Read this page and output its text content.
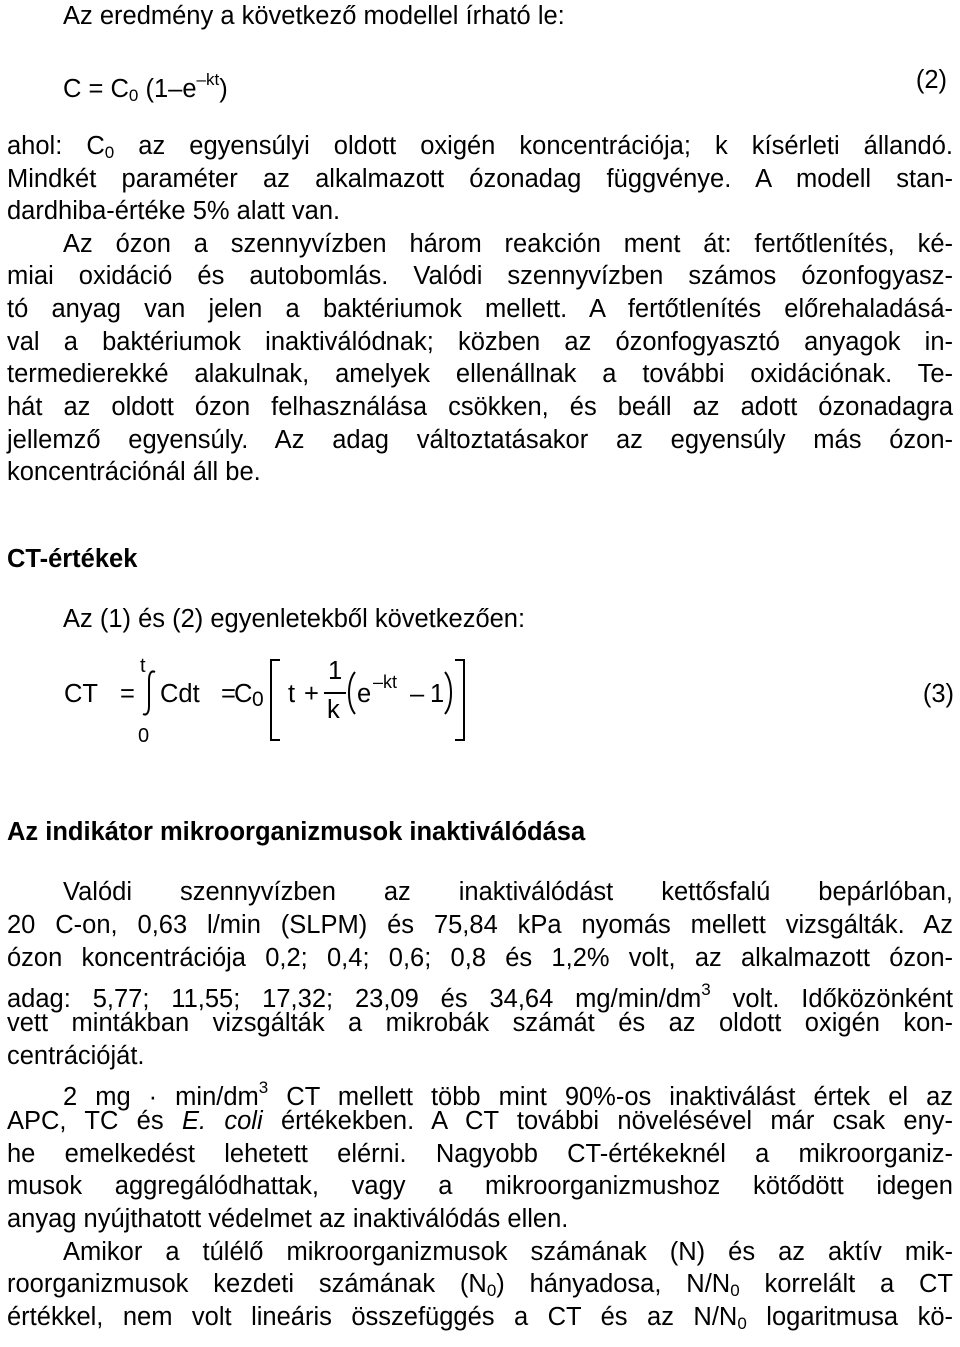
Az eredmény a következő modellel írható le:
$C = C_0$ $(1-e^{-kt})$	(2)
ahol: $C_0$ az egyensúlyi oldott oxigén koncentrációja; k kísérleti állandó.
Mindkét paraméter az alkalmazott ózonadag függvénye. A modell stan-
dardhiba-értéke 5% alatt van.
Az ózon a szennyvízben három reakción ment át: fertőtlenítés, ké-
miai oxidáció és autobomlás. Valódi szennyvízben számos ózonfogyasz-
tó anyag van jelen a baktériumok mellett. A fertőtlenítés előrehaladásá-
val a baktériumok inaktiválódnak; közben az ózonfogyasztó anyagok in-
termedierekké alakulnak, amelyek ellenállnak a további oxidációnak. Te-
hát az oldott ózon felhasználása csökken, és beáll az adott ózonadagra
jellemző egyensúly. Az adag változtatásakor az egyensúly más ózon-
koncentrációnál áll be.
CT-értékek
Az (1) és (2) egyenletekből következően:
CT =
t
0
Cdt =
C 0 t +
1
k
e –kt – 1	(3)
Az indikátor mikroorganizmusok inaktiválódása
Valódi szennyvízben az inaktiválódást kettősfalú bepárlóban,
20 C-on, 0,63 l/min (SLPM) és 75,84 kPa nyomás mellett vizsgálták. Az
ózon koncentrációja 0,2; 0,4; 0,6; 0,8 és 1,2% volt, az alkalmazott ózon-
adag: 5,77; 11,55; 17,32; 23,09 és 34,64 $mg/\min/dm^3$ volt. Időközönként
vett mintákban vizsgálták a mikrobák számát és az oldott oxigén kon-
centrációját.
2 mg · $\min/dm^3$ CT mellett több mint 90%-os inaktiválást értek el az
APC, TC és E. coli értékekben. A CT további növelésével már csak eny-
he emelkedést lehetett elérni. Nagyobb CT-értékeknél a mikroorganiz-
musok aggregálódhattak, vagy a mikroorganizmushoz kötődött idegen
anyag nyújthatott védelmet az inaktiválódás ellen.
Amikor a túlélő mikroorganizmusok számának (N) és az aktív mik-
roorganizmusok kezdeti számának $(N_0)$ hányadosa, $N/N_0$ korrelált a CT
értékkel, nem volt lineáris összefüggés a CT és az $N/N_0$ logaritmusa kö-
